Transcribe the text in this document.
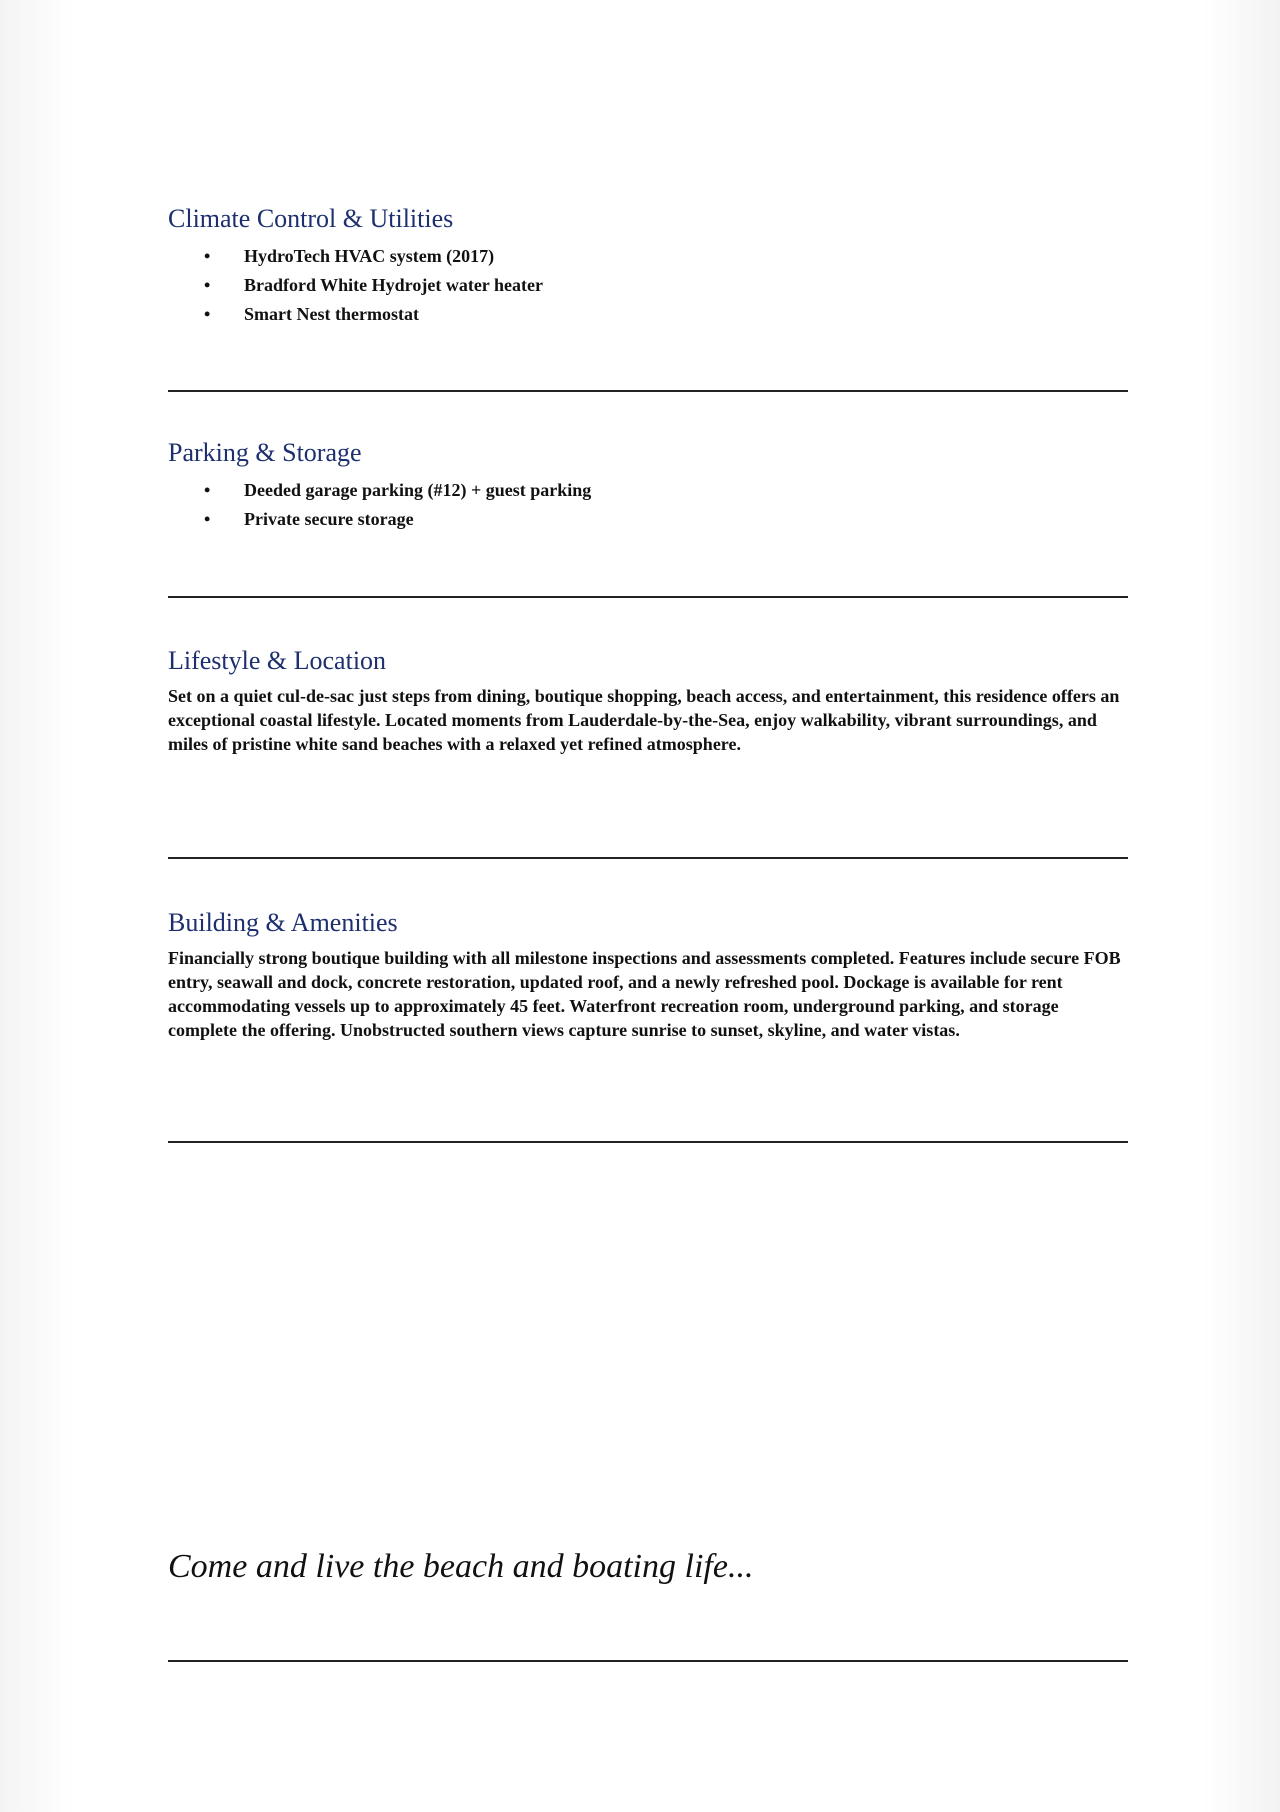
Climate Control & Utilities
• HydroTech HVAC system (2017)
• Bradford White Hydrojet water heater
• Smart Nest thermostat
Parking & Storage
• Deeded garage parking (#12) + guest parking
• Private secure storage
Lifestyle & Location

Set on a quiet cul-de-sac just steps from dining, boutique shopping, beach access, and entertainment, this residence offers an exceptional coastal lifestyle. Located moments from Lauderdale-by-the-Sea, enjoy walkability, vibrant surroundings, and miles of pristine white sand beaches with a relaxed yet refined atmosphere.

Building & Amenities

Financially strong boutique building with all milestone inspections and assessments completed. Features include secure FOB entry, seawall and dock, concrete restoration, updated roof, and a newly refreshed pool. Dockage is available for rent accommodating vessels up to approximately 45 feet. Waterfront recreation room, underground parking, and storage complete the offering. Unobstructed southern views capture sunrise to sunset, skyline, and water vistas.

Come and live the beach and boating life...
